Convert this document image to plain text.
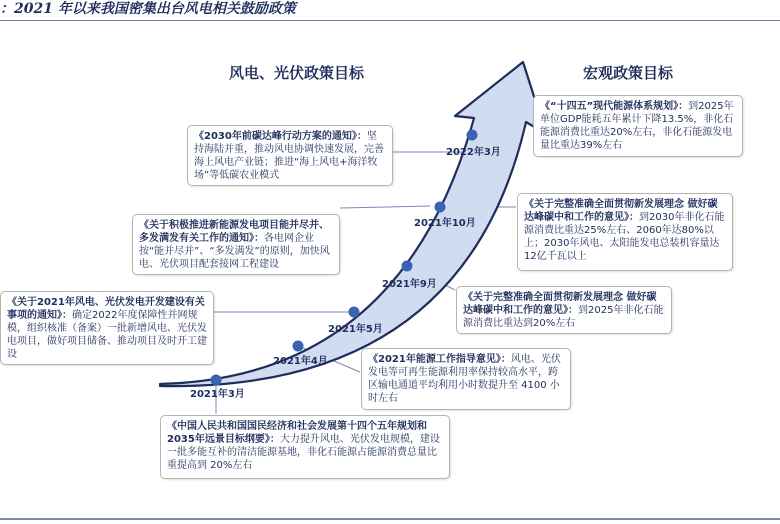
：2021 年以来我国密集出台风电相关鼓励政策
风电、光伏政策目标	宏观政策目标
2021年3月
2021年4月
2021年5月
2021年9月
2021年10月
2022年3月
《“十四五”现代能源体系规划》：到2025年单位GDP能耗五年累计下降13.5%，非化石能源消费比重达20%左右，非化石能源发电量比重达39%左右
《关于完整准确全面贯彻新发展理念 做好碳达峰碳中和工作的意见》：到2030年非化石能源消费比重达25%左右、2060年达80%以上；2030年风电、太阳能发电总装机容量达12亿千瓦以上
《关于完整准确全面贯彻新发展理念 做好碳达峰碳中和工作的意见》：到2025年非化石能源消费比重达到20%左右
《2021年能源工作指导意见》：风电、光伏发电等可再生能源利用率保持较高水平，跨区输电通道平均利用小时数提升至 4100 小时左右
《中国人民共和国国民经济和社会发展第十四个五年规划和2035年远景目标纲要》：大力提升风电、光伏发电规模，建设一批多能互补的清洁能源基地，非化石能源占能源消费总量比重提高到 20%左右
《2030年前碳达峰行动方案的通知》：坚持海陆并重，推动风电协调快速发展，完善海上风电产业链；推进“海上风电+海洋牧场”等低碳农业模式
《关于积极推进新能源发电项目能并尽并、多发满发有关工作的通知》：各电网企业按“能并尽并”、“多发满发”的原则，加快风电、光伏项目配套接网工程建设
《关于2021年风电、光伏发电开发建设有关事项的通知》：确定2022年度保障性并网规模，组织核准（备案）一批新增风电、光伏发电项目，做好项目储备、推动项目及时开工建设
